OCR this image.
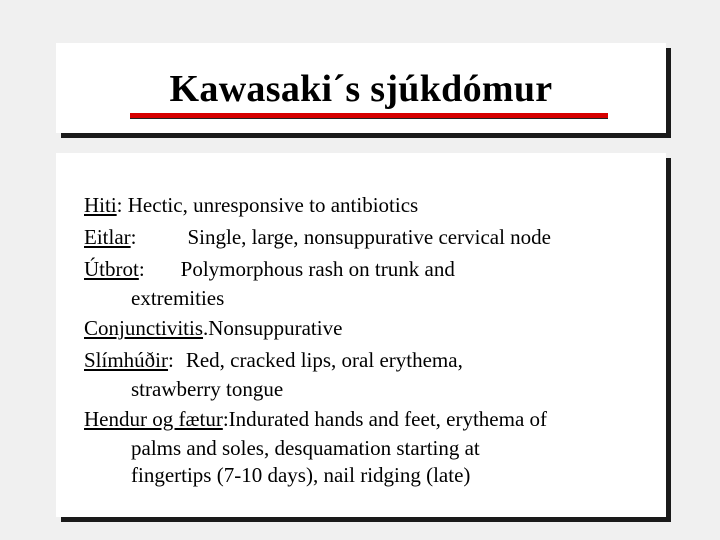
Kawasaki´s sjúkdómur
Hiti: Hectic, unresponsive to antibiotics
Eitlar: Single, large, nonsuppurative cervical node
Útbrot: Polymorphous rash on trunk and
extremities
Conjunctivitis.Nonsuppurative
Slímhúðir: Red, cracked lips, oral erythema,
strawberry tongue
Hendur og fætur:Indurated hands and feet, erythema of
palms and soles, desquamation starting at
fingertips (7-10 days), nail ridging (late)
